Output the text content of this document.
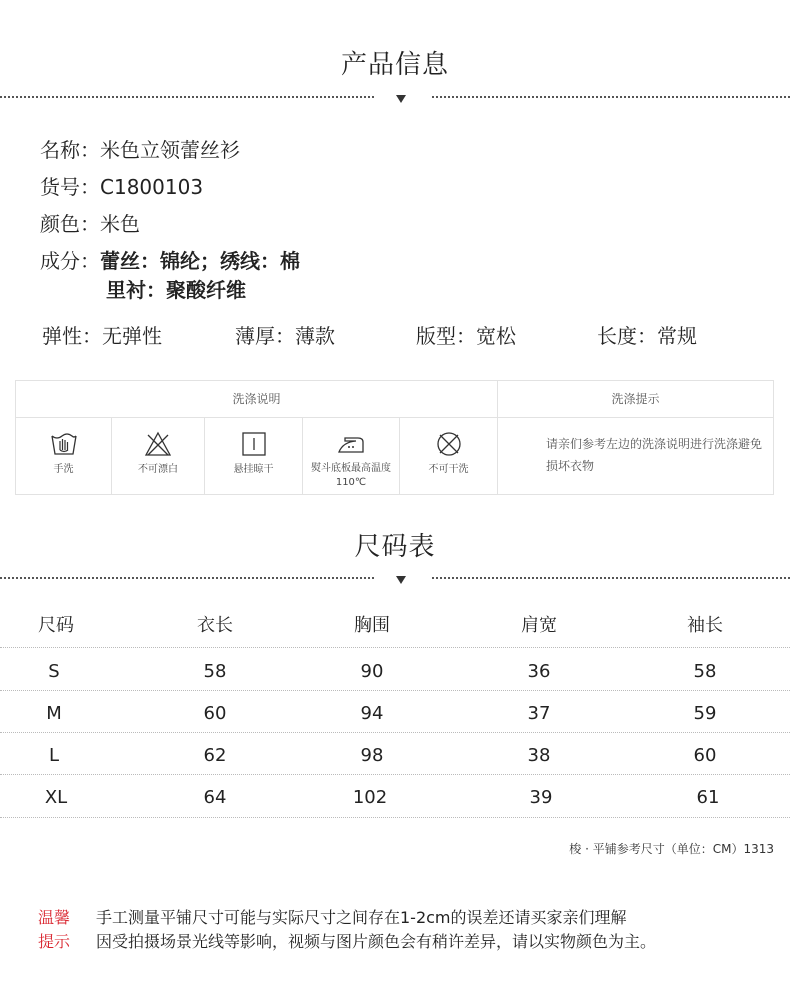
产品信息
名称：米色立领蕾丝衫
货号：C1800103
颜色：米色
成分：蕾丝：锦纶；绣线：棉
里衬：聚酸纤维
弹性：无弹性	薄厚：薄款	版型：宽松	长度：常规
洗涤说明
手洗	不可漂白	悬挂晾干	熨斗底板最高温度110℃
不可干洗
洗涤提示
请亲们参考左边的洗涤说明进行洗涤避免损坏衣物
尺码表
尺码	衣长	胸围	肩宽	袖长
S	58	90	36	58
M	60	94	37	59
L	62	98	38	60
XL	64	102	39	61
梭 · 平铺参考尺寸（单位：CM）1313
温馨
提示
手工测量平铺尺寸可能与实际尺寸之间存在1-2cm的误差还请买家亲们理解
因受拍摄场景光线等影响，视频与图片颜色会有稍许差异，请以实物颜色为主。
